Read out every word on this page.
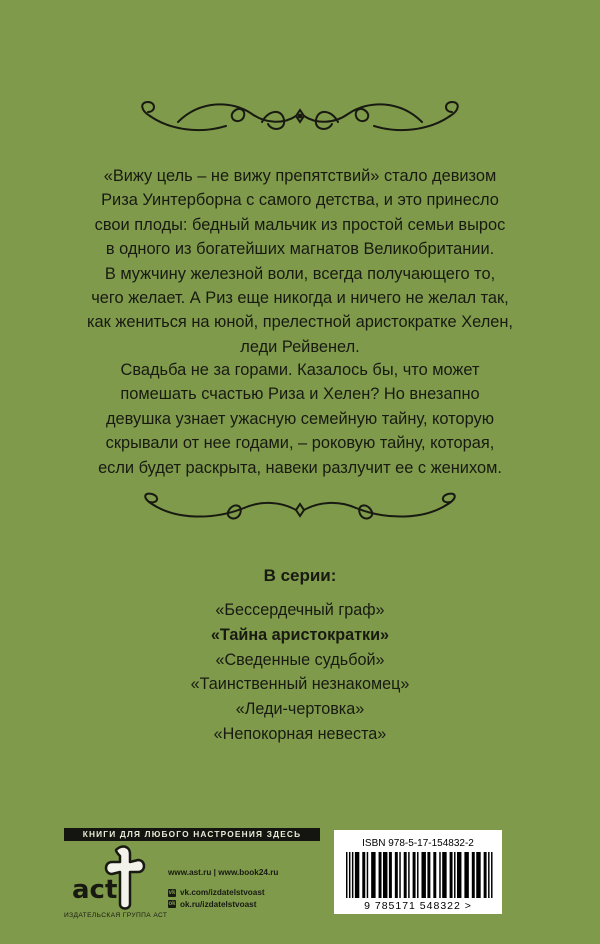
«Вижу цель – не вижу препятствий» стало девизом
Риза Уинтерборна с самого детства, и это принесло
свои плоды: бедный мальчик из простой семьи вырос
в одного из богатейших магнатов Великобритании.
В мужчину железной воли, всегда получающего то,
чего желает. А Риз еще никогда и ничего не желал так,
как жениться на юной, прелестной аристократке Хелен,
леди Рейвенел.
Свадьба не за горами. Казалось бы, что может
помешать счастью Риза и Хелен? Но внезапно
девушка узнает ужасную семейную тайну, которую
скрывали от нее годами, – роковую тайну, которая,
если будет раскрыта, навеки разлучит ее с женихом.
В серии:
«Бессердечный граф»
«Тайна аристократки»
«Сведенные судьбой»
«Таинственный незнакомец»
«Леди-чертовка»
«Непокорная невеста»
КНИГИ ДЛЯ ЛЮБОГО НАСТРОЕНИЯ ЗДЕСЬ
act
ИЗДАТЕЛЬСКАЯ ГРУППА АСТ
www.ast.ru | www.book24.ru
vk vk.com/izdatelstvoast
ok ok.ru/izdatelstvoast
ISBN 978-5-17-154832-2
9 785171 548322 >
